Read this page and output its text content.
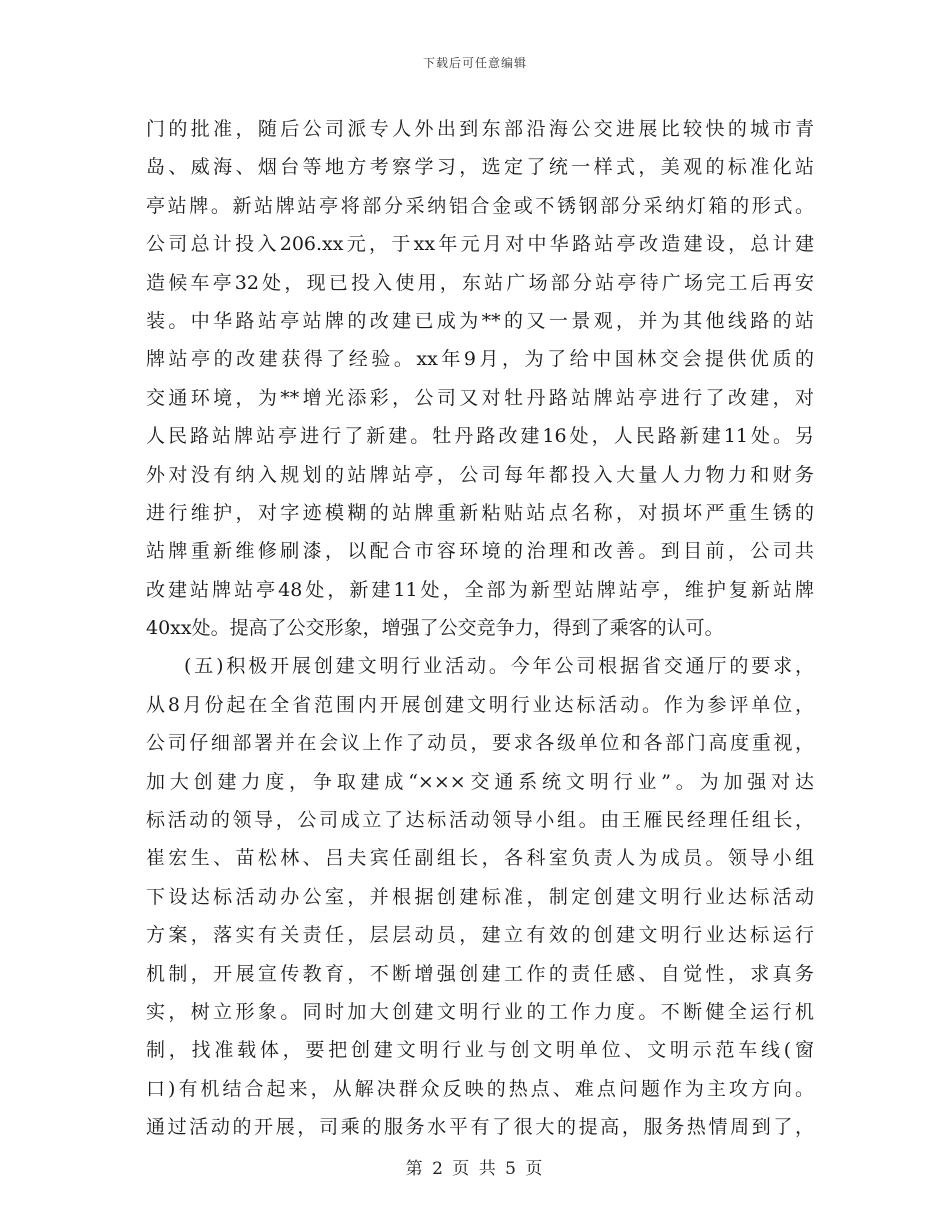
下载后可任意编辑
门的批准，随后公司派专人外出到东部沿海公交进展比较快的城市青
岛、威海、烟台等地方考察学习，选定了统一样式，美观的标准化站
亭站牌。新站牌站亭将部分采纳铝合金或不锈钢部分采纳灯箱的形式。
公司总计投入206.xx元，于xx年元月对中华路站亭改造建设，总计建
造候车亭32处，现已投入使用，东站广场部分站亭待广场完工后再安
装。中华路站亭站牌的改建已成为**的又一景观，并为其他线路的站
牌站亭的改建获得了经验。xx年9月，为了给中国林交会提供优质的
交通环境，为**增光添彩，公司又对牡丹路站牌站亭进行了改建，对
人民路站牌站亭进行了新建。牡丹路改建16处，人民路新建11处。另
外对没有纳入规划的站牌站亭，公司每年都投入大量人力物力和财务
进行维护，对字迹模糊的站牌重新粘贴站点名称，对损坏严重生锈的
站牌重新维修刷漆，以配合市容环境的治理和改善。到目前，公司共
改建站牌站亭48处，新建11处，全部为新型站牌站亭，维护复新站牌
40xx处。提高了公交形象，增强了公交竞争力，得到了乘客的认可。
(五)积极开展创建文明行业活动。今年公司根据省交通厅的要求，
从8月份起在全省范围内开展创建文明行业达标活动。作为参评单位，
公司仔细部署并在会议上作了动员，要求各级单位和各部门高度重视，
加大创建力度，争取建成“×××交通系统文明行业”。为加强对达
标活动的领导，公司成立了达标活动领导小组。由王雁民经理任组长，
崔宏生、苗松林、吕夫宾任副组长，各科室负责人为成员。领导小组
下设达标活动办公室，并根据创建标准，制定创建文明行业达标活动
方案，落实有关责任，层层动员，建立有效的创建文明行业达标运行
机制，开展宣传教育，不断增强创建工作的责任感、自觉性，求真务
实，树立形象。同时加大创建文明行业的工作力度。不断健全运行机
制，找准载体，要把创建文明行业与创文明单位、文明示范车线(窗
口)有机结合起来，从解决群众反映的热点、难点问题作为主攻方向。
通过活动的开展，司乘的服务水平有了很大的提高，服务热情周到了，
第 2 页 共 5 页
